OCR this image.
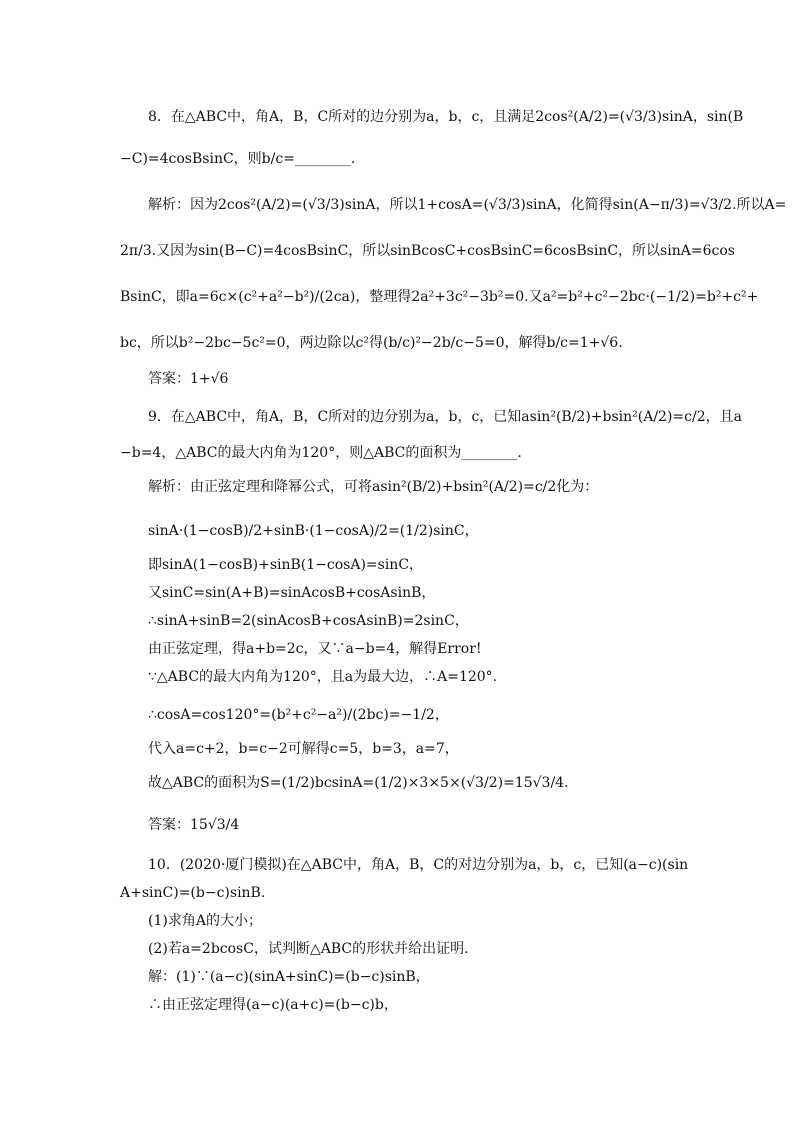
8．在△ABC中，角A，B，C所对的边分别为a，b，c，且满足2cos²(A/2)=(√3/3)sinA，sin(B
−C)=4cosBsinC，则b/c=________.
解析：因为2cos²(A/2)=(√3/3)sinA，所以1+cosA=(√3/3)sinA，化简得sin(A−π/3)=√3/2.所以A=
2π/3.又因为sin(B−C)=4cosBsinC，所以sinBcosC+cosBsinC=6cosBsinC，所以sinA=6cos
BsinC，即a=6c×(c²+a²−b²)/(2ca)，整理得2a²+3c²−3b²=0.又a²=b²+c²−2bc·(−1/2)=b²+c²+
bc，所以b²−2bc−5c²=0，两边除以c²得(b/c)²−2b/c−5=0，解得b/c=1+√6.
答案：1+√6
9．在△ABC中，角A，B，C所对的边分别为a，b，c，已知asin²(B/2)+bsin²(A/2)=c/2，且a
−b=4，△ABC的最大内角为120°，则△ABC的面积为________.
解析：由正弦定理和降幂公式，可将asin²(B/2)+bsin²(A/2)=c/2化为：
sinA·(1−cosB)/2+sinB·(1−cosA)/2=(1/2)sinC，
即sinA(1−cosB)+sinB(1−cosA)=sinC，
又sinC=sin(A+B)=sinAcosB+cosAsinB，
∴sinA+sinB=2(sinAcosB+cosAsinB)=2sinC，
由正弦定理，得a+b=2c，又∵a−b=4，解得Error!
∵△ABC的最大内角为120°，且a为最大边，∴A=120°.
∴cosA=cos120°=(b²+c²−a²)/(2bc)=−1/2，
代入a=c+2，b=c−2可解得c=5，b=3，a=7，
故△ABC的面积为S=(1/2)bcsinA=(1/2)×3×5×(√3/2)=15√3/4.
答案：15√3/4
10．(2020·厦门模拟)在△ABC中，角A，B，C的对边分别为a，b，c，已知(a−c)(sin
A+sinC)=(b−c)sinB.
(1)求角A的大小；
(2)若a=2bcosC，试判断△ABC的形状并给出证明.
解：(1)∵(a−c)(sinA+sinC)=(b−c)sinB，
∴由正弦定理得(a−c)(a+c)=(b−c)b，
